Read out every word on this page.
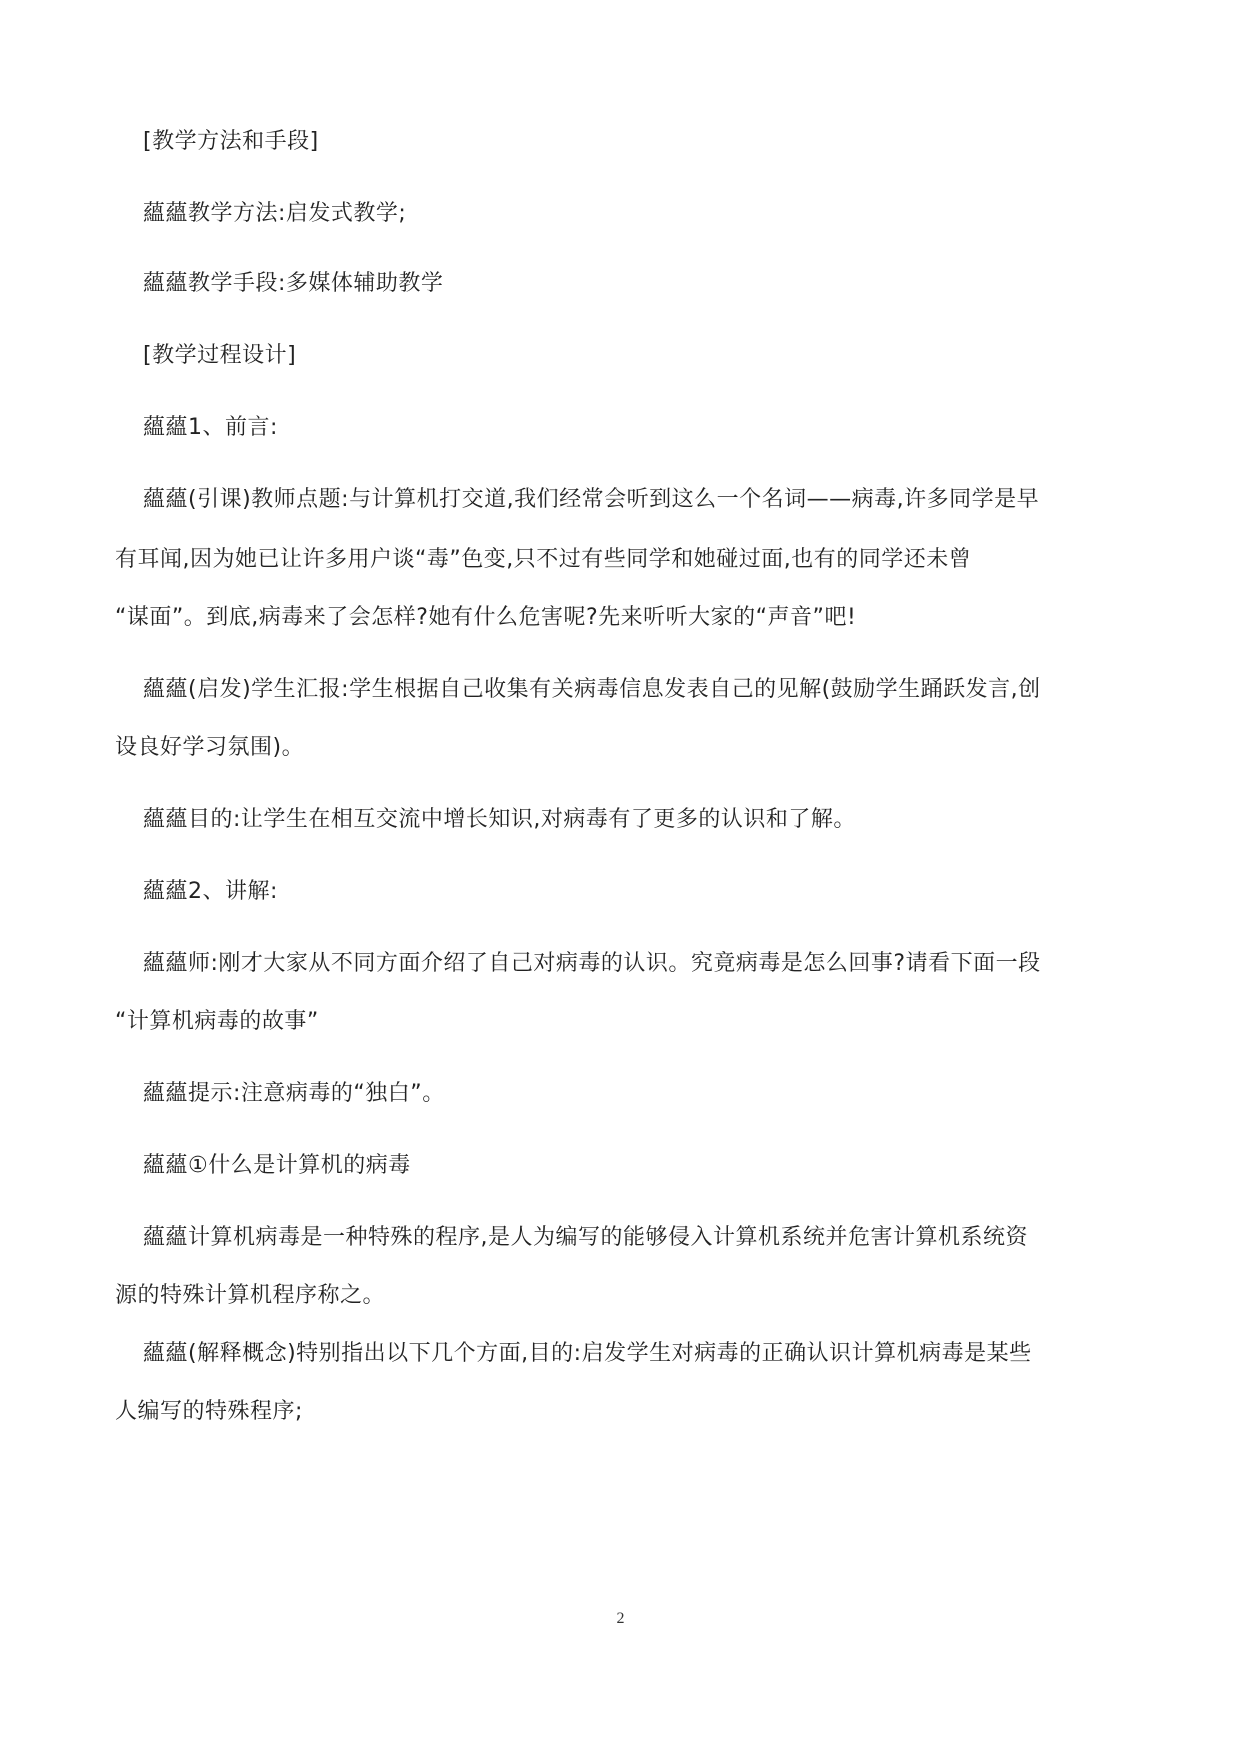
[教学方法和手段]
蘊蘊教学方法:启发式教学;
蘊蘊教学手段:多媒体辅助教学
[教学过程设计]
蘊蘊1、前言:
蘊蘊(引课)教师点题:与计算机打交道,我们经常会听到这么一个名词——病毒,许多同学是早
有耳闻,因为她已让许多用户谈“毒”色变,只不过有些同学和她碰过面,也有的同学还未曾
“谋面”。到底,病毒来了会怎样?她有什么危害呢?先来听听大家的“声音”吧!
蘊蘊(启发)学生汇报:学生根据自己收集有关病毒信息发表自己的见解(鼓励学生踊跃发言,创
设良好学习氛围)。
蘊蘊目的:让学生在相互交流中增长知识,对病毒有了更多的认识和了解。
蘊蘊2、讲解:
蘊蘊师:刚才大家从不同方面介绍了自己对病毒的认识。究竟病毒是怎么回事?请看下面一段
“计算机病毒的故事”
蘊蘊提示:注意病毒的“独白”。
蘊蘊①什么是计算机的病毒
蘊蘊计算机病毒是一种特殊的程序,是人为编写的能够侵入计算机系统并危害计算机系统资
源的特殊计算机程序称之。
蘊蘊(解释概念)特别指出以下几个方面,目的:启发学生对病毒的正确认识计算机病毒是某些
人编写的特殊程序;
2
